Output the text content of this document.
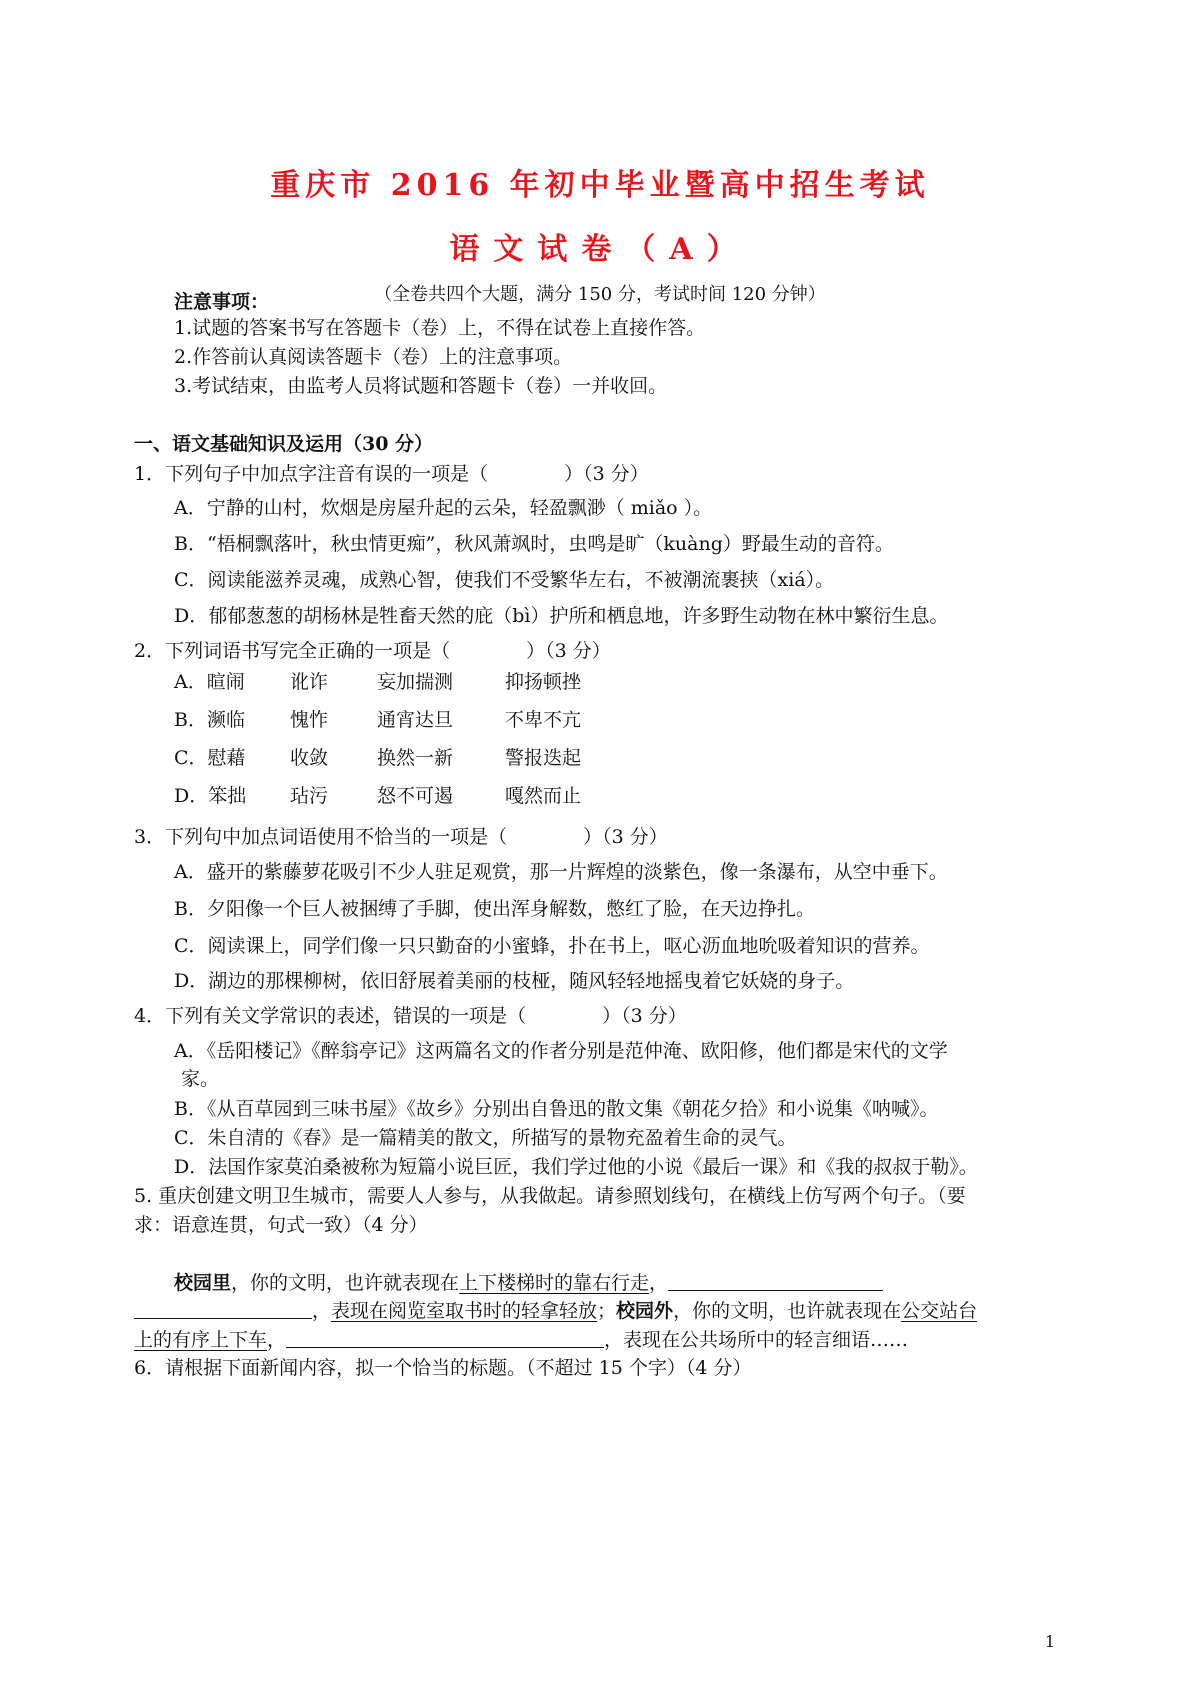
重庆市 2016 年初中毕业暨高中招生考试
语文试卷（A）
（全卷共四个大题，满分 150 分，考试时间 120 分钟）
注意事项：
1.试题的答案书写在答题卡（卷）上，不得在试卷上直接作答。
2.作答前认真阅读答题卡（卷）上的注意事项。
3.考试结束，由监考人员将试题和答题卡（卷）一并收回。
一、语文基础知识及运用（30 分）
1．下列句子中加点字注音有误的一项是（　　　　）（3 分）
A．宁静的山村，炊烟是房屋升起的云朵，轻盈飘渺（ miǎo ）。
B．“梧桐飘落叶，秋虫情更痴”，秋风萧飒时，虫鸣是旷（kuàng）野最生动的音符。
C．阅读能滋养灵魂，成熟心智，使我们不受繁华左右，不被潮流裹挟（xiá）。
D．郁郁葱葱的胡杨林是牲畜天然的庇（bì）护所和栖息地，许多野生动物在林中繁衍生息。
2．下列词语书写完全正确的一项是（　　　　）（3 分）
A．暄闹 讹诈	妄加揣测	抑扬顿挫
B．濒临 愧怍	通宵达旦	不卑不亢
C．慰藉 收敛	换然一新	警报迭起
D．笨拙 玷污	怒不可遏	嘎然而止
3．下列句中加点词语使用不恰当的一项是（　　　　）（3 分）
A．盛开的紫藤萝花吸引不少人驻足观赏，那一片辉煌的淡紫色，像一条瀑布，从空中垂下。
B．夕阳像一个巨人被捆缚了手脚，使出浑身解数，憋红了脸，在天边挣扎。
C．阅读课上，同学们像一只只勤奋的小蜜蜂，扑在书上，呕心沥血地吮吸着知识的营养。
D．湖边的那棵柳树，依旧舒展着美丽的枝桠，随风轻轻地摇曳着它妖娆的身子。
4．下列有关文学常识的表述，错误的一项是（　　　　）（3 分）
A．《岳阳楼记》《醉翁亭记》这两篇名文的作者分别是范仲淹、欧阳修，他们都是宋代的文学
家。
B．《从百草园到三味书屋》《故乡》分别出自鲁迅的散文集《朝花夕拾》和小说集《呐喊》。
C．朱自清的《春》是一篇精美的散文，所描写的景物充盈着生命的灵气。
D．法国作家莫泊桑被称为短篇小说巨匠，我们学过他的小说《最后一课》和《我的叔叔于勒》。
5. 重庆创建文明卫生城市，需要人人参与，从我做起。请参照划线句，在横线上仿写两个句子。（要
求：语意连贯，句式一致）（4 分）
校园里，你的文明，也许就表现在上下楼梯时的靠右行走，
，表现在阅览室取书时的轻拿轻放；校园外，你的文明，也许就表现在公交站台
上的有序上下车，	，表现在公共场所中的轻言细语……
6．请根据下面新闻内容，拟一个恰当的标题。（不超过 15 个字）（4 分）
1
